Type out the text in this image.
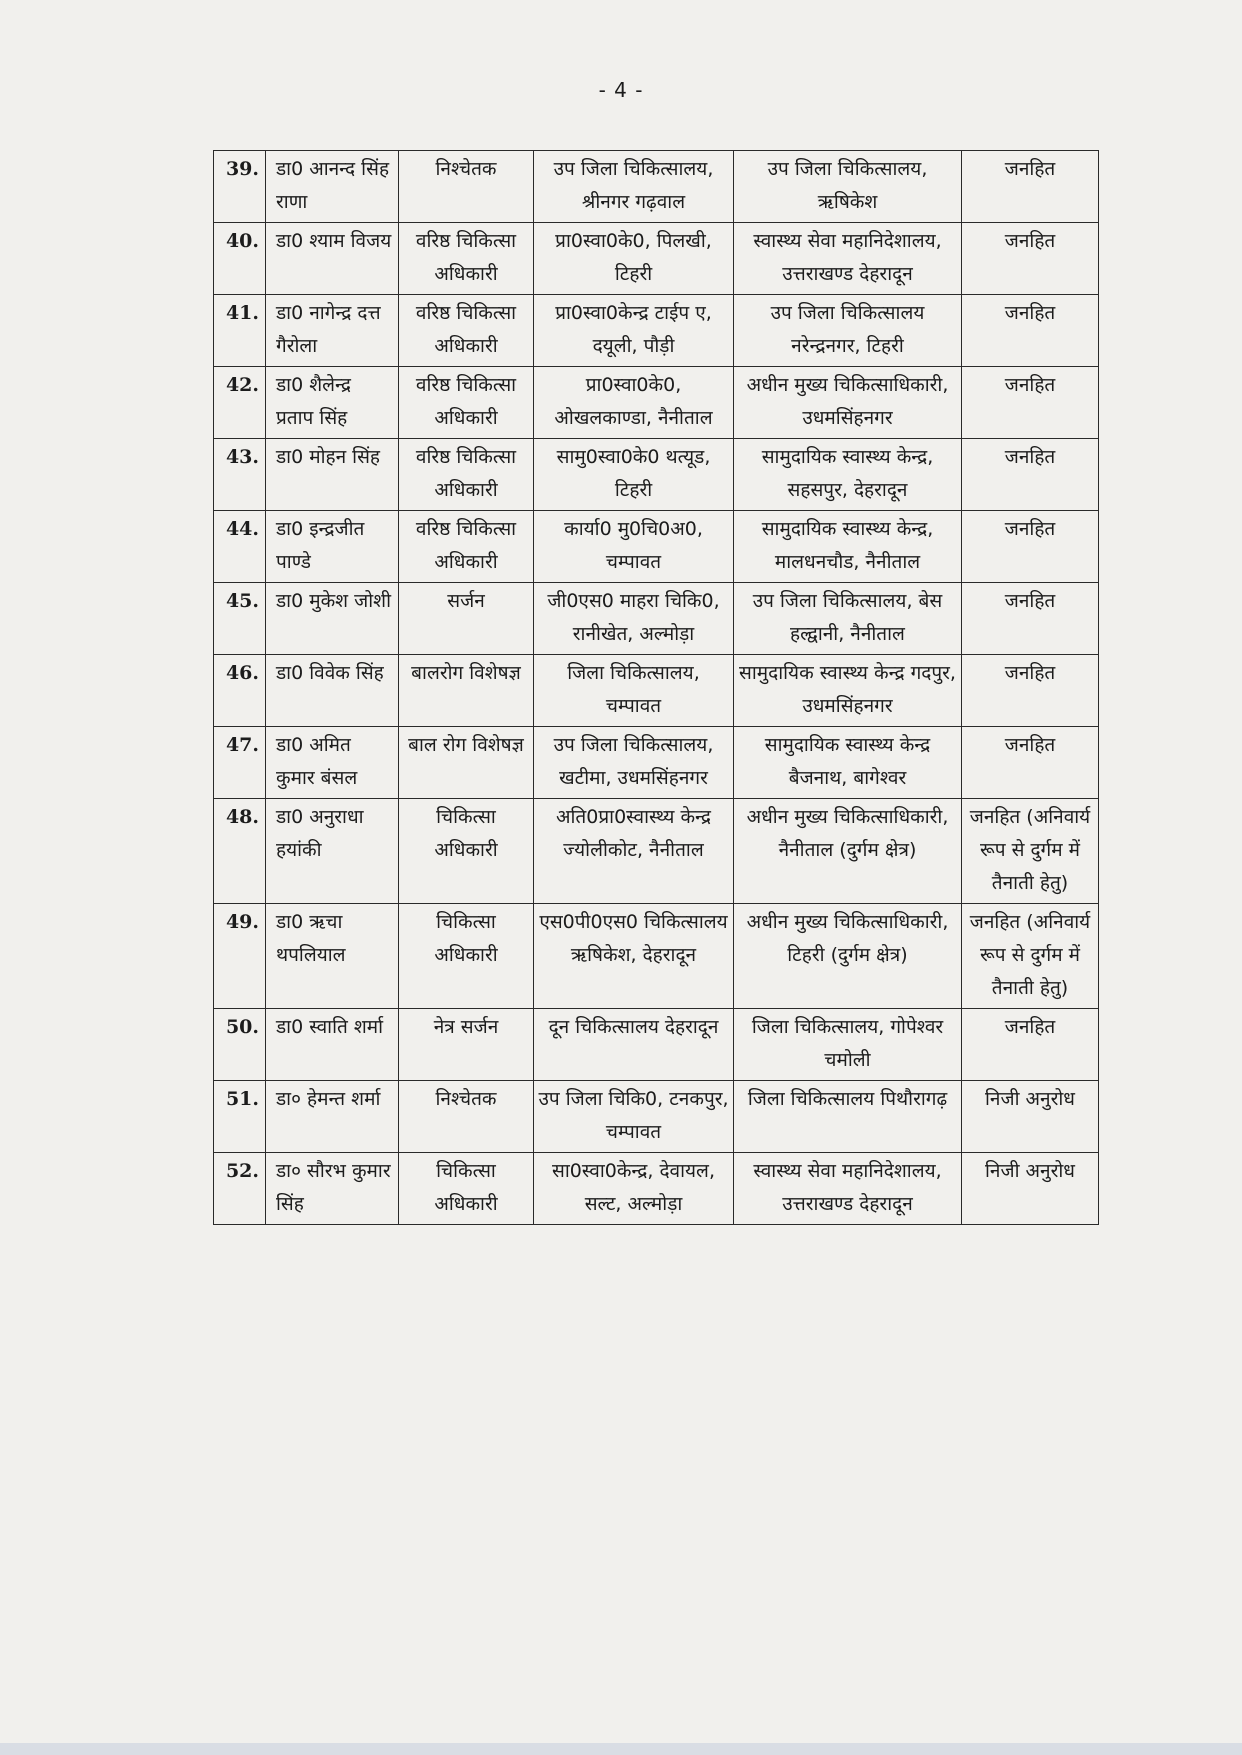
- 4 -
39.	डा0 आनन्द सिंह राणा	निश्चेतक	उप जिला चिकित्सालय, श्रीनगर गढ़वाल	उप जिला चिकित्सालय, ऋषिकेश	जनहित
40.	डा0 श्याम विजय	वरिष्ठ चिकित्सा अधिकारी	प्रा0स्वा0के0, पिलखी, टिहरी	स्वास्थ्य सेवा महानिदेशालय, उत्तराखण्ड देहरादून	जनहित
41.	डा0 नागेन्द्र दत्त गैरोला	वरिष्ठ चिकित्सा अधिकारी	प्रा0स्वा0केन्द्र टाईप ए, दयूली, पौड़ी	उप जिला चिकित्सालय नरेन्द्रनगर, टिहरी	जनहित
42.	डा0 शैलेन्द्र प्रताप सिंह	वरिष्ठ चिकित्सा अधिकारी	प्रा0स्वा0के0, ओखलकाण्डा, नैनीताल	अधीन मुख्य चिकित्साधिकारी, उधमसिंहनगर	जनहित
43.	डा0 मोहन सिंह	वरिष्ठ चिकित्सा अधिकारी	सामु0स्वा0के0 थत्यूड, टिहरी	सामुदायिक स्वास्थ्य केन्द्र, सहसपुर, देहरादून	जनहित
44.	डा0 इन्द्रजीत पाण्डे	वरिष्ठ चिकित्सा अधिकारी	कार्या0 मु0चि0अ0, चम्पावत	सामुदायिक स्वास्थ्य केन्द्र, मालधनचौड, नैनीताल	जनहित
45.	डा0 मुकेश जोशी	सर्जन	जी0एस0 माहरा चिकि0, रानीखेत, अल्मोड़ा	उप जिला चिकित्सालय, बेस हल्द्वानी, नैनीताल	जनहित
46.	डा0 विवेक सिंह	बालरोग विशेषज्ञ	जिला चिकित्सालय, चम्पावत	सामुदायिक स्वास्थ्य केन्द्र गदपुर, उधमसिंहनगर	जनहित
47.	डा0 अमित कुमार बंसल	बाल रोग विशेषज्ञ	उप जिला चिकित्सालय, खटीमा, उधमसिंहनगर	सामुदायिक स्वास्थ्य केन्द्र बैजनाथ, बागेश्वर	जनहित
48.	डा0 अनुराधा हयांकी	चिकित्सा अधिकारी	अति0प्रा0स्वास्थ्य केन्द्र ज्योलीकोट, नैनीताल	अधीन मुख्य चिकित्साधिकारी, नैनीताल (दुर्गम क्षेत्र)	जनहित (अनिवार्य रूप से दुर्गम में तैनाती हेतु)
49.	डा0 ऋचा थपलियाल	चिकित्सा अधिकारी	एस0पी0एस0 चिकित्सालय ऋषिकेश, देहरादून	अधीन मुख्य चिकित्साधिकारी, टिहरी (दुर्गम क्षेत्र)	जनहित (अनिवार्य रूप से दुर्गम में तैनाती हेतु)
50.	डा0 स्वाति शर्मा	नेत्र सर्जन	दून चिकित्सालय देहरादून	जिला चिकित्सालय, गोपेश्वर चमोली	जनहित
51.	डा० हेमन्त शर्मा	निश्चेतक	उप जिला चिकि0, टनकपुर, चम्पावत	जिला चिकित्सालय पिथौरागढ़	निजी अनुरोध
52.	डा० सौरभ कुमार सिंह	चिकित्सा अधिकारी	सा0स्वा0केन्द्र, देवायल, सल्ट, अल्मोड़ा	स्वास्थ्य सेवा महानिदेशालय, उत्तराखण्ड देहरादून	निजी अनुरोध
